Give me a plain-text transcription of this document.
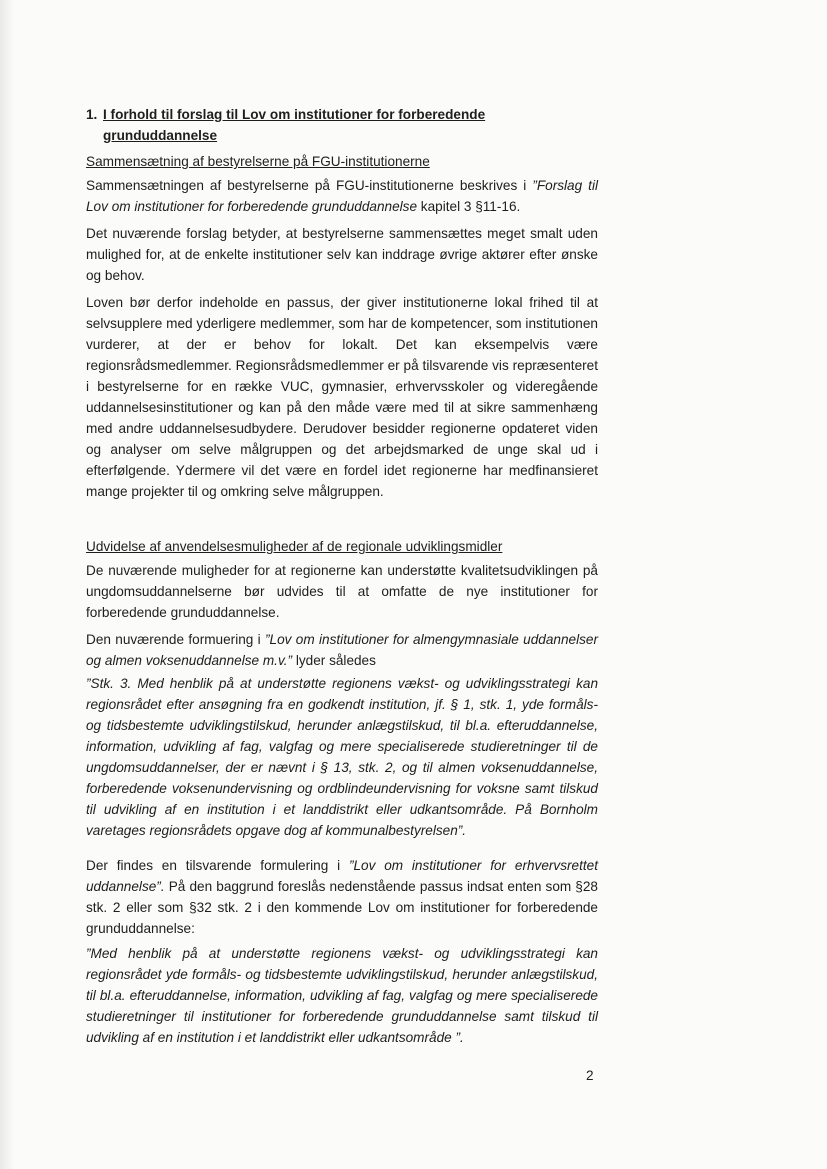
1. I forhold til forslag til Lov om institutioner for forberedende grunduddannelse
Sammensætning af bestyrelserne på FGU-institutionerne

Sammensætningen af bestyrelserne på FGU-institutionerne beskrives i ”Forslag til Lov om institutioner for forberedende grunduddannelse kapitel 3 §11-16.

Det nuværende forslag betyder, at bestyrelserne sammensættes meget smalt uden mulighed for, at de enkelte institutioner selv kan inddrage øvrige aktører efter ønske og behov.

Loven bør derfor indeholde en passus, der giver institutionerne lokal frihed til at selvsupplere med yderligere medlemmer, som har de kompetencer, som institutionen vurderer, at der er behov for lokalt. Det kan eksempelvis være regionsrådsmedlemmer. Regionsrådsmedlemmer er på tilsvarende vis repræsenteret i bestyrelserne for en række VUC, gymnasier, erhvervsskoler og videregående uddannelsesinstitutioner og kan på den måde være med til at sikre sammenhæng med andre uddannelsesudbydere. Derudover besidder regionerne opdateret viden og analyser om selve målgruppen og det arbejdsmarked de unge skal ud i efterfølgende. Ydermere vil det være en fordel idet regionerne har medfinansieret mange projekter til og omkring selve målgruppen.

Udvidelse af anvendelsesmuligheder af de regionale udviklingsmidler

De nuværende muligheder for at regionerne kan understøtte kvalitetsudviklingen på ungdomsuddannelserne bør udvides til at omfatte de nye institutioner for forberedende grunduddannelse.

Den nuværende formuering i ”Lov om institutioner for almengymnasiale uddannelser og almen voksenuddannelse m.v.” lyder således

”Stk. 3. Med henblik på at understøtte regionens vækst- og udviklingsstrategi kan regionsrådet efter ansøgning fra en godkendt institution, jf. § 1, stk. 1, yde formåls- og tidsbestemte udviklingstilskud, herunder anlægstilskud, til bl.a. efteruddannelse, information, udvikling af fag, valgfag og mere specialiserede studieretninger til de ungdomsuddannelser, der er nævnt i § 13, stk. 2, og til almen voksenuddannelse, forberedende voksenundervisning og ordblindeundervisning for voksne samt tilskud til udvikling af en institution i et landdistrikt eller udkantsområde. På Bornholm varetages regionsrådets opgave dog af kommunalbestyrelsen”.

Der findes en tilsvarende formulering i ”Lov om institutioner for erhvervsrettet uddannelse”. På den baggrund foreslås nedenstående passus indsat enten som §28 stk. 2 eller som §32 stk. 2 i den kommende Lov om institutioner for forberedende grunduddannelse:

”Med henblik på at understøtte regionens vækst- og udviklingsstrategi kan regionsrådet yde formåls- og tidsbestemte udviklingstilskud, herunder anlægstilskud, til bl.a. efteruddannelse, information, udvikling af fag, valgfag og mere specialiserede studieretninger til institutioner for forberedende grunduddannelse samt tilskud til udvikling af en institution i et landdistrikt eller udkantsområde ”.

2
